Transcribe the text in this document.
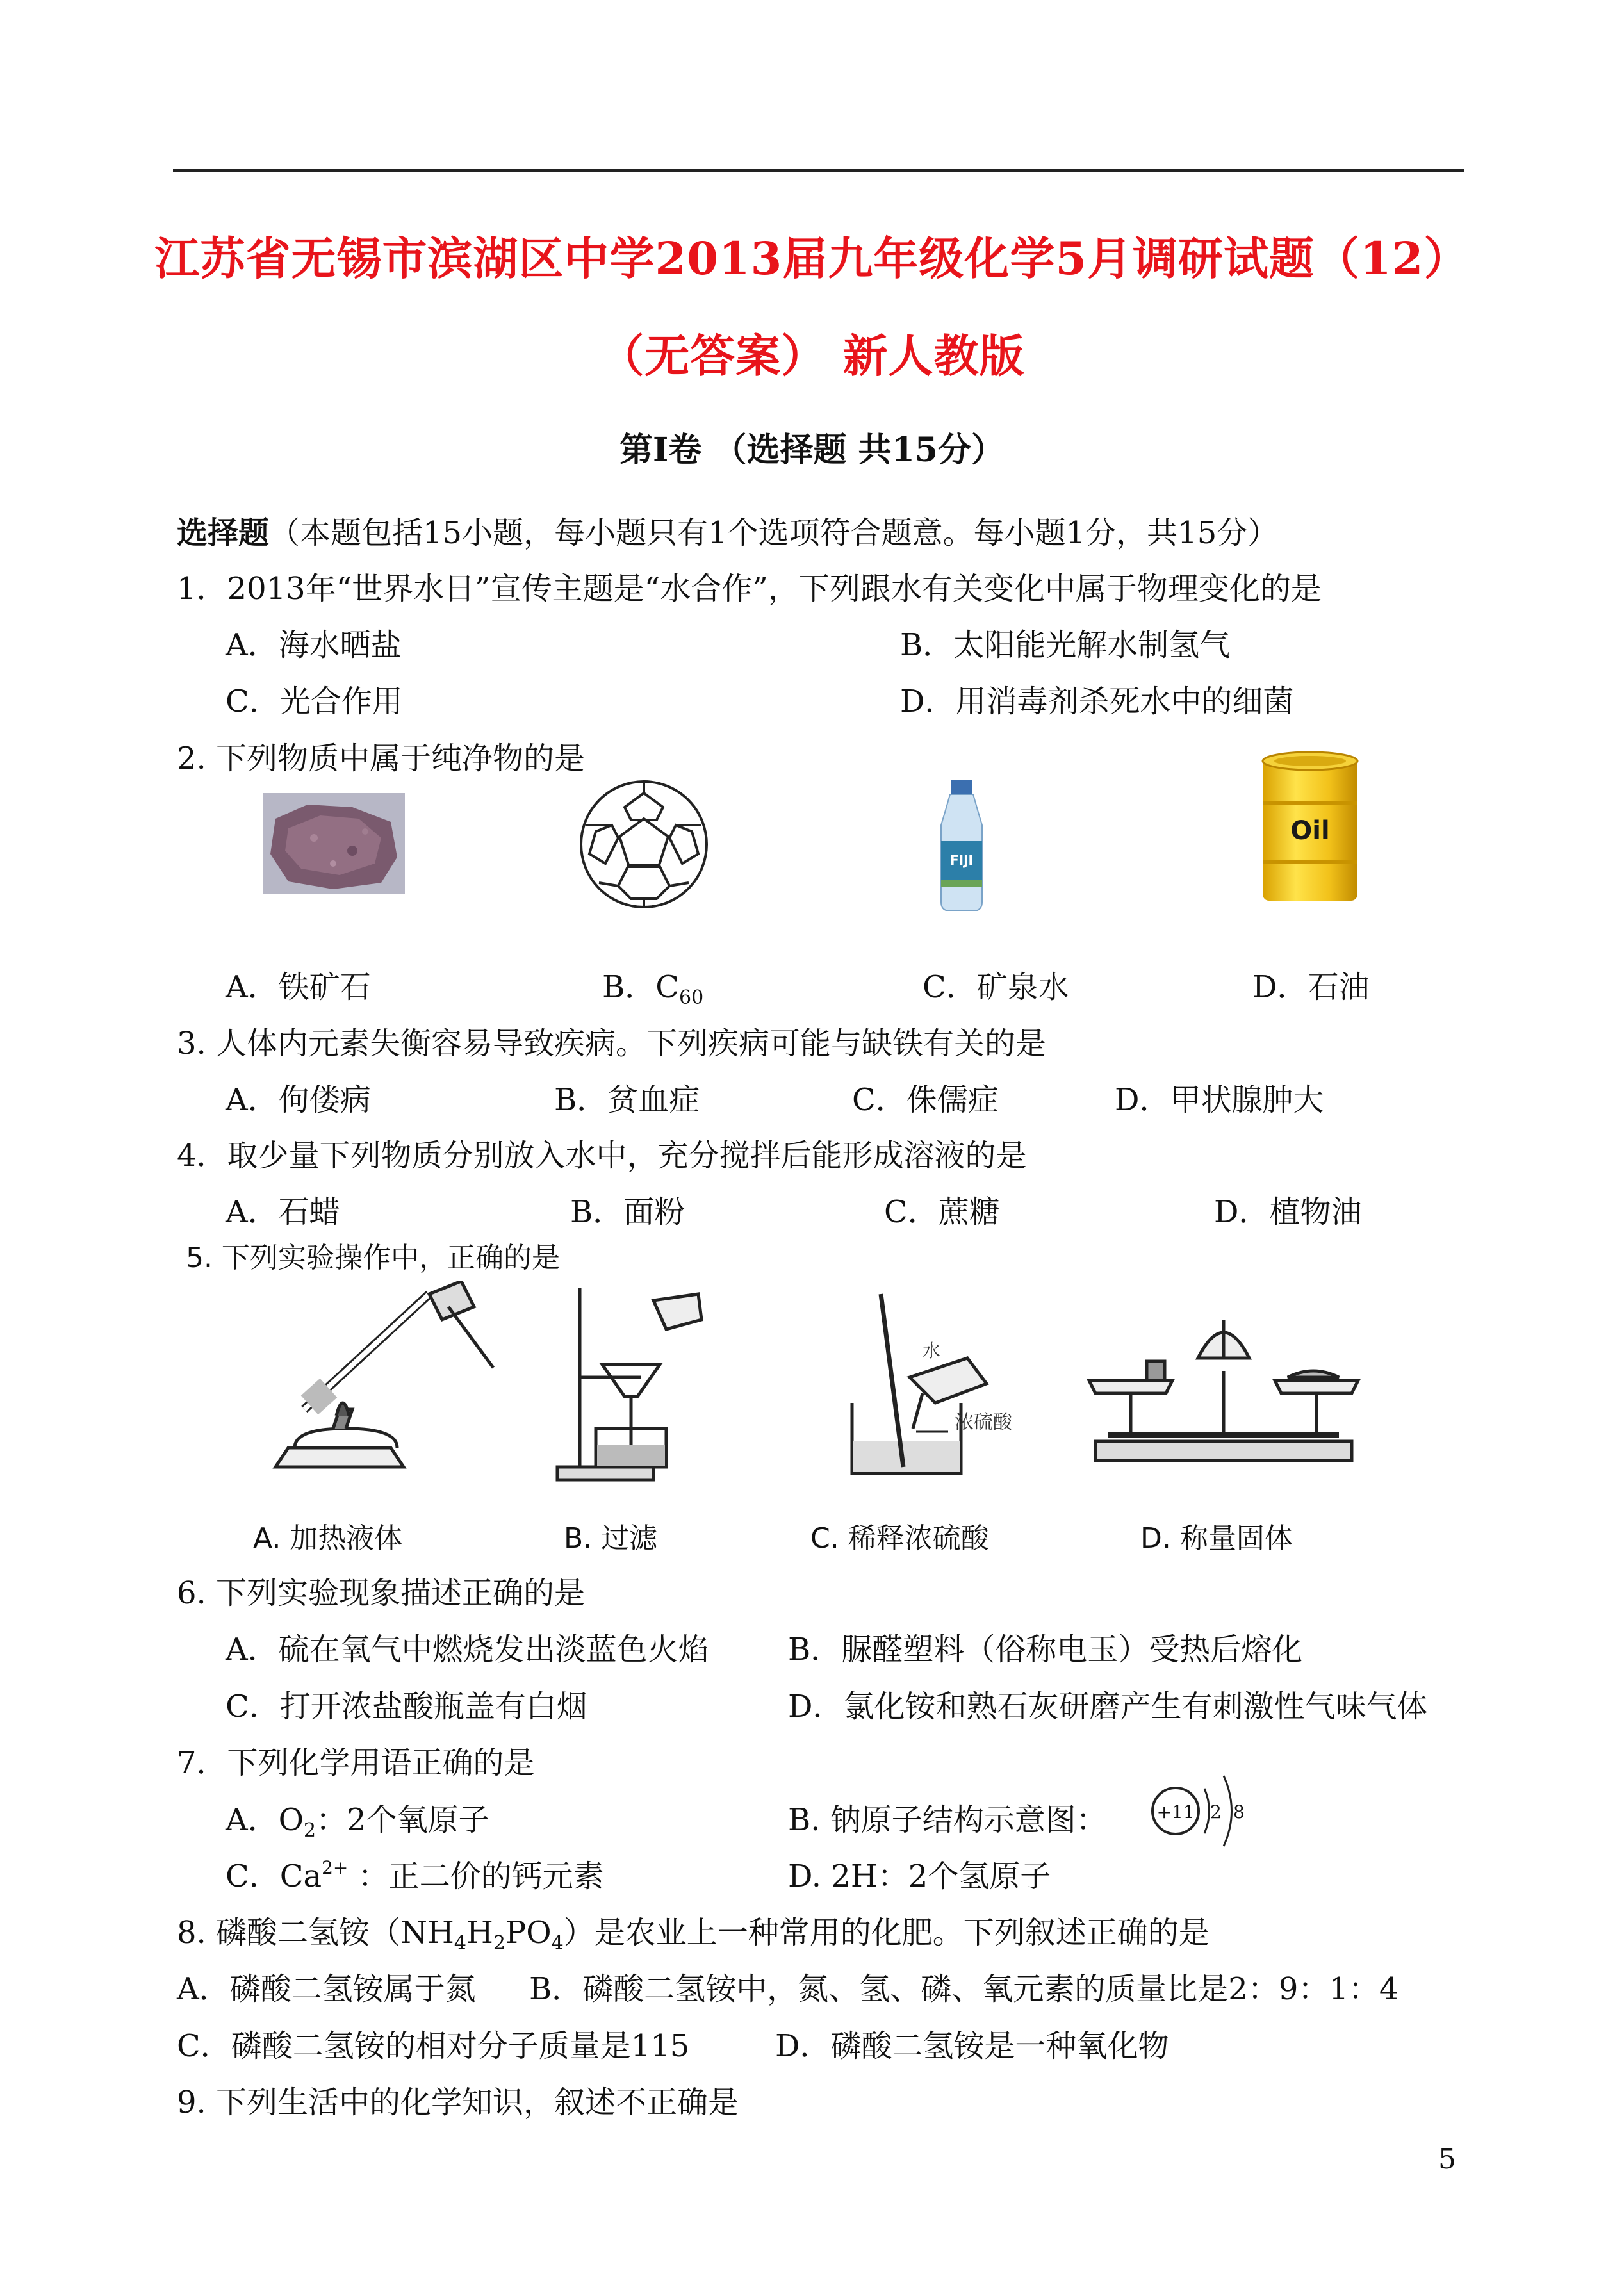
江苏省无锡市滨湖区中学2013届九年级化学5月调研试题（12）
（无答案） 新人教版
第I卷 （选择题 共15分）
选择题（本题包括15小题，每小题只有1个选项符合题意。每小题1分，共15分）
1．2013年“世界水日”宣传主题是“水合作”，下列跟水有关变化中属于物理变化的是
A．海水晒盐	B．太阳能光解水制氢气
C．光合作用	D．用消毒剂杀死水中的细菌
2. 下列物质中属于纯净物的是
FIJI
Oil
A．铁矿石	B．$C_{60}$	C．矿泉水	D．石油
3. 人体内元素失衡容易导致疾病。下列疾病可能与缺铁有关的是
A．佝偻病	B．贫血症	C．侏儒症	D．甲状腺肿大
4．取少量下列物质分别放入水中，充分搅拌后能形成溶液的是
A．石蜡	B．面粉	C．蔗糖	D．植物油
5. 下列实验操作中，正确的是
浓硫酸
水
A. 加热液体	B. 过滤	C. 稀释浓硫酸	D. 称量固体
6. 下列实验现象描述正确的是
A．硫在氧气中燃烧发出淡蓝色火焰	B．脲醛塑料（俗称电玉）受热后熔化
C．打开浓盐酸瓶盖有白烟	D．氯化铵和熟石灰研磨产生有刺激性气味气体
7．下列化学用语正确的是
A．$O_2$：2个氧原子	B. 钠原子结构示意图：	+11 2 8
C．$Ca^{2+}$ ：正二价的钙元素	D. 2H：2个氢原子
8. 磷酸二氢铵$(NH_4H_2PO_4)$是农业上一种常用的化肥。下列叙述正确的是
A．磷酸二氢铵属于氮 B．磷酸二氢铵中，氮、氢、磷、氧元素的质量比是2：9：1：4
C．磷酸二氢铵的相对分子质量是115	D．磷酸二氢铵是一种氧化物
9. 下列生活中的化学知识，叙述不正确是
5
